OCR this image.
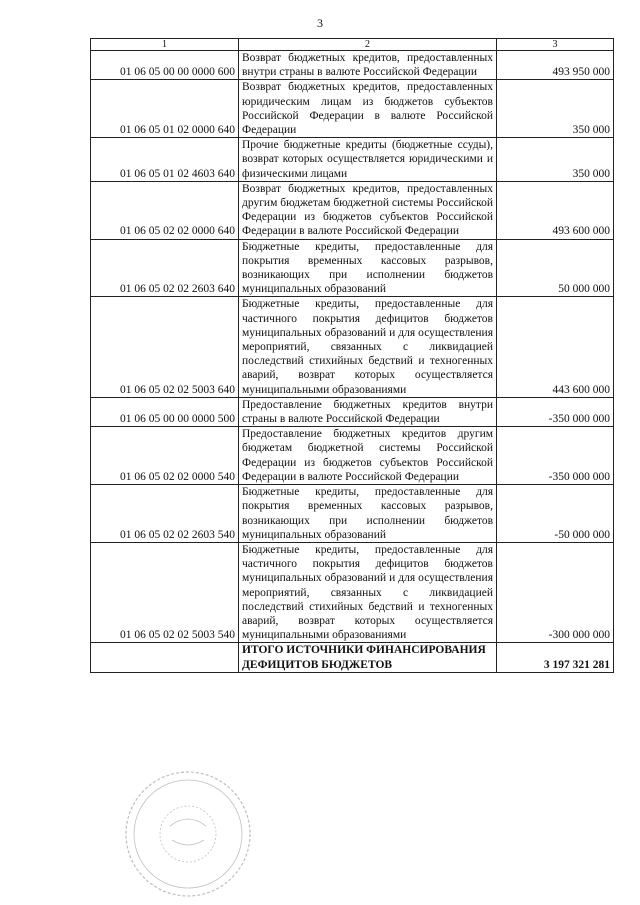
3
1	2	3
01 06 05 00 00 0000 600	Возврат бюджетных кредитов, предоставленных внутри страны в валюте Российской Федерации	493 950 000
01 06 05 01 02 0000 640	Возврат бюджетных кредитов, предоставленных юридическим лицам из бюджетов субъектов Российской Федерации в валюте Российской Федерации	350 000
01 06 05 01 02 4603 640	Прочие бюджетные кредиты (бюджетные ссуды), возврат которых осуществляется юридическими и физическими лицами	350 000
01 06 05 02 02 0000 640	Возврат бюджетных кредитов, предоставленных другим бюджетам бюджетной системы Российской Федерации из бюджетов субъектов Российской Федерации в валюте Российской Федерации	493 600 000
01 06 05 02 02 2603 640	Бюджетные кредиты, предоставленные для покрытия временных кассовых разрывов, возникающих при исполнении бюджетов муниципальных образований	50 000 000
01 06 05 02 02 5003 640	Бюджетные кредиты, предоставленные для частичного покрытия дефицитов бюджетов муниципальных образований и для осуществления мероприятий, связанных с ликвидацией последствий стихийных бедствий и техногенных аварий, возврат которых осуществляется муниципальными образованиями	443 600 000
01 06 05 00 00 0000 500	Предоставление бюджетных кредитов внутри страны в валюте Российской Федерации	-350 000 000
01 06 05 02 02 0000 540	Предоставление бюджетных кредитов другим бюджетам бюджетной системы Российской Федерации из бюджетов субъектов Российской Федерации в валюте Российской Федерации	-350 000 000
01 06 05 02 02 2603 540	Бюджетные кредиты, предоставленные для покрытия временных кассовых разрывов, возникающих при исполнении бюджетов муниципальных образований	-50 000 000
01 06 05 02 02 5003 540	Бюджетные кредиты, предоставленные для частичного покрытия дефицитов бюджетов муниципальных образований и для осуществления мероприятий, связанных с ликвидацией последствий стихийных бедствий и техногенных аварий, возврат которых осуществляется муниципальными образованиями	-300 000 000
	ИТОГО ИСТОЧНИКИ ФИНАНСИРОВАНИЯ ДЕФИЦИТОВ БЮДЖЕТОВ	3 197 321 281
